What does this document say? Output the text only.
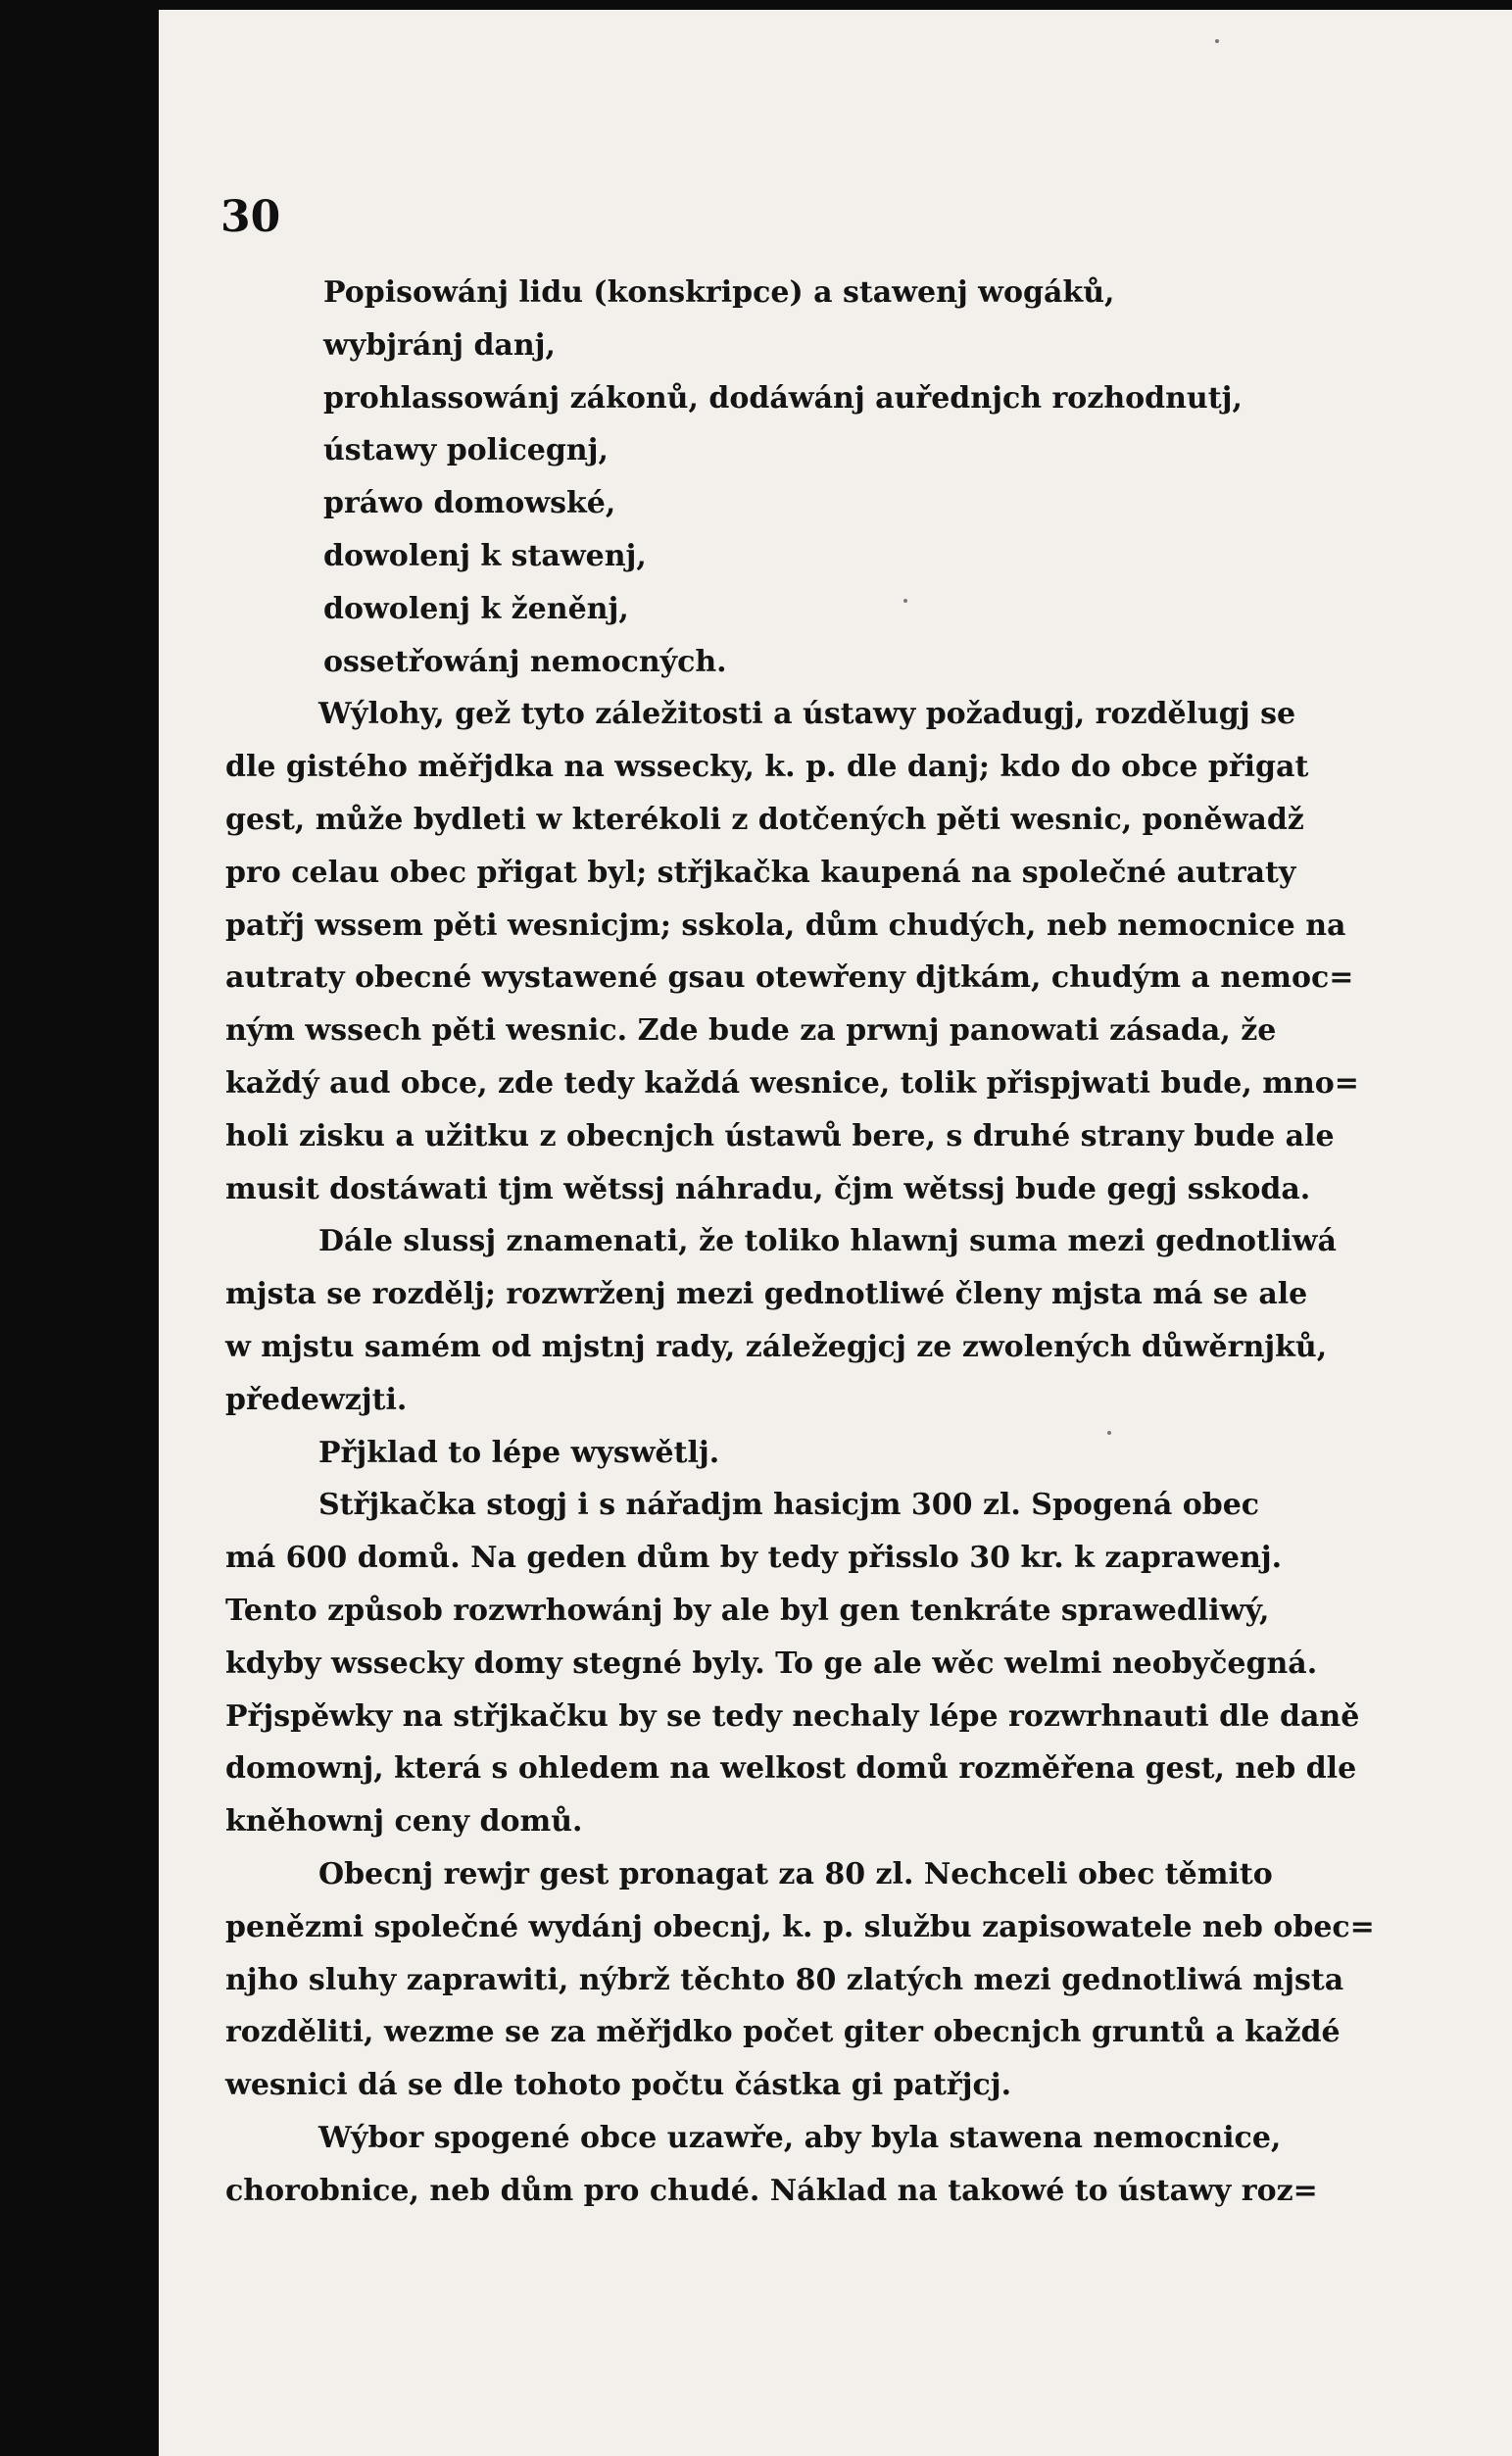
30
Popisowánj lidu (konskripce) a stawenj wogáků,
wybjránj danj,
prohlassowánj zákonů, dodáwánj auřednjch rozhodnutj,
ústawy policegnj,
práwo domowské,
dowolenj k stawenj,
dowolenj k ženěnj,
ossetřowánj nemocných.
Wýlohy, gež tyto záležitosti a ústawy požadugj, rozdělugj se
dle gistého měřjdka na wssecky, k. p. dle danj; kdo do obce přigat
gest, může bydleti w kterékoli z dotčených pěti wesnic, poněwadž
pro celau obec přigat byl; střjkačka kaupená na společné autraty
patřj wssem pěti wesnicjm; sskola, dům chudých, neb nemocnice na
autraty obecné wystawené gsau otewřeny djtkám, chudým a nemoc=
ným wssech pěti wesnic. Zde bude za prwnj panowati zásada, že
každý aud obce, zde tedy každá wesnice, tolik přispjwati bude, mno=
holi zisku a užitku z obecnjch ústawů bere, s druhé strany bude ale
musit dostáwati tjm wětssj náhradu, čjm wětssj bude gegj sskoda.
Dále slussj znamenati, že toliko hlawnj suma mezi gednotliwá
mjsta se rozdělj; rozwrženj mezi gednotliwé členy mjsta má se ale
w mjstu samém od mjstnj rady, záležegjcj ze zwolených důwěrnjků,
předewzjti.
Přjklad to lépe wyswětlj.
Střjkačka stogj i s nářadjm hasicjm 300 zl. Spogená obec
má 600 domů. Na geden dům by tedy přisslo 30 kr. k zaprawenj.
Tento způsob rozwrhowánj by ale byl gen tenkráte sprawedliwý,
kdyby wssecky domy stegné byly. To ge ale wěc welmi neobyčegná.
Přjspěwky na střjkačku by se tedy nechaly lépe rozwrhnauti dle daně
domownj, která s ohledem na welkost domů rozměřena gest, neb dle
kněhownj ceny domů.
Obecnj rewjr gest pronagat za 80 zl. Nechceli obec těmito
penězmi společné wydánj obecnj, k. p. službu zapisowatele neb obec=
njho sluhy zaprawiti, nýbrž těchto 80 zlatých mezi gednotliwá mjsta
rozděliti, wezme se za měřjdko počet giter obecnjch gruntů a každé
wesnici dá se dle tohoto počtu částka gi patřjcj.
Wýbor spogené obce uzawře, aby byla stawena nemocnice,
chorobnice, neb dům pro chudé. Náklad na takowé to ústawy roz=
